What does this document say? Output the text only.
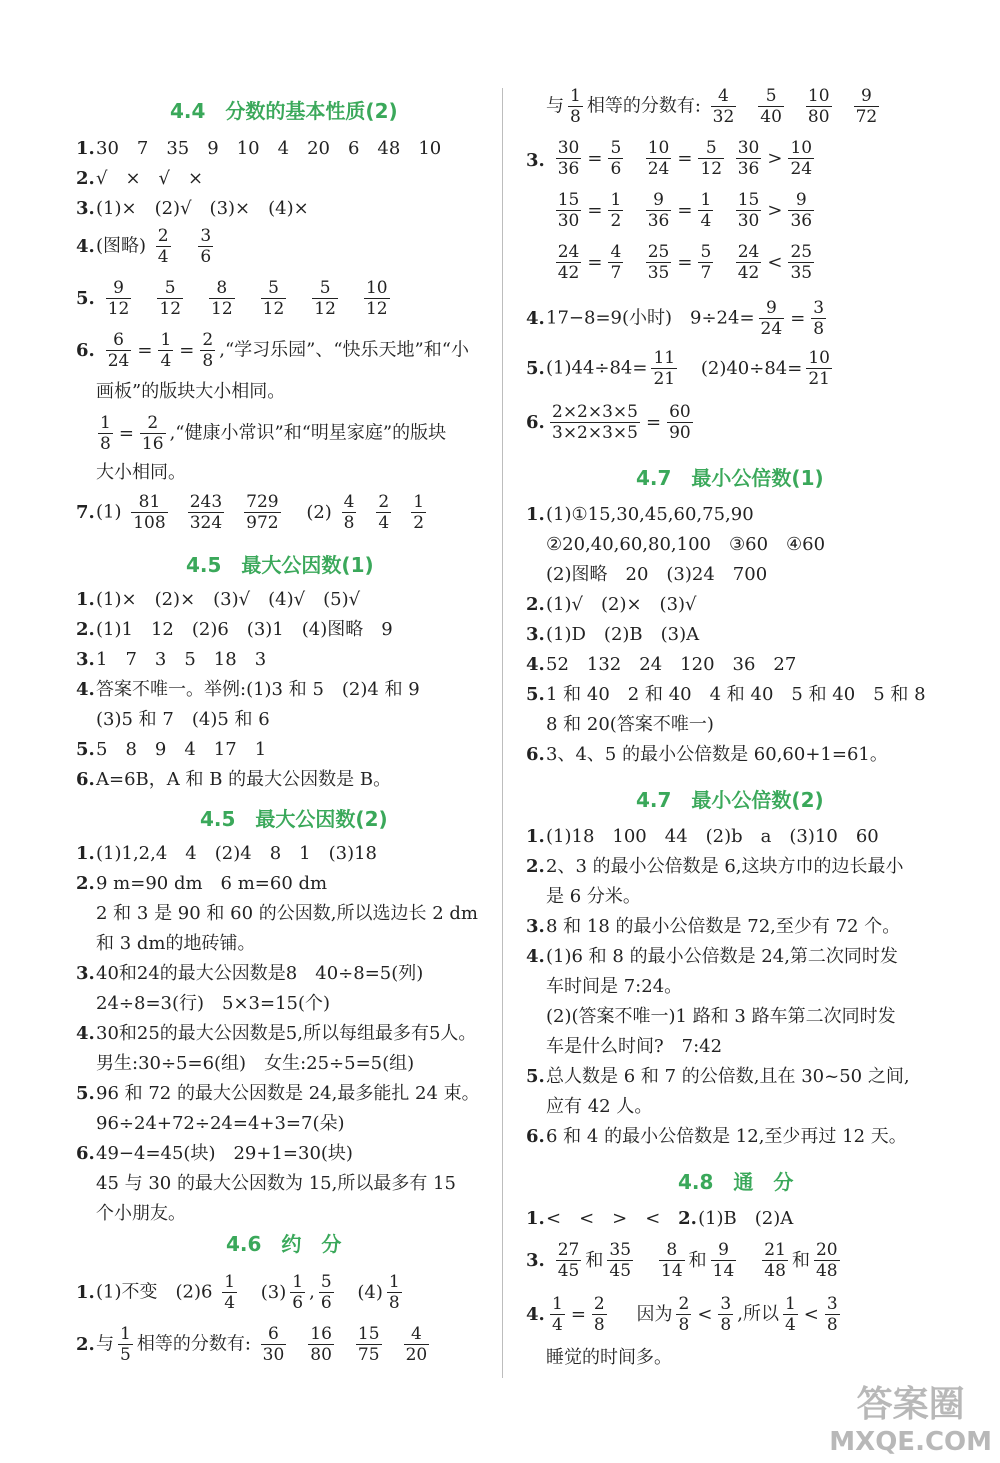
4.4　分数的基本性质(2)
1.30　7　35　9　10　4　20　6　48　10
2.√　×　√　×
3.(1)×　(2)√　(3)×　(4)×
4.(图略) $\frac{2}{4}$
$\frac{3}{6}$
5. $\frac{9}{12} \frac{5}{12} \frac{8}{12} \frac{5}{12} \frac{5}{12} \frac{10}{12}$
6. $\frac{6}{24} = \frac{1}{4} = \frac{2}{8}$ ,“学习乐园”、“快乐天地”和“小
画板”的版块大小相同。
$\frac{1}{8} = \frac{2}{16}$ ,“健康小常识”和“明星家庭”的版块
大小相同。
$7.(1) \frac{81}{108} \frac{243}{324} \frac{729}{972} (2) \frac{4}{8} \frac{2}{4} \frac{1}{2}$
4.5　最大公因数(1)
1.(1)×　(2)×　(3)√　(4)√　(5)√
2.(1)1　12　(2)6　(3)1　(4)图略　9
3.1　7　3　5　18　3
4.答案不唯一。举例:(1)3 和 5　(2)4 和 9
(3)5 和 7　(4)5 和 6
5.5　8　9　4　17　1
6.A=6B，A 和 B 的最大公因数是 B。
4.5　最大公因数(2)
1.(1)1,2,4　4　(2)4　8　1　(3)18
2.9 m=90 dm　6 m=60 dm
2 和 3 是 90 和 60 的公因数,所以选边长 2 dm
和 3 dm的地砖铺。
3.40和24的最大公因数是8　40÷8=5(列)
24÷8=3(行)　5×3=15(个)
4.30和25的最大公因数是5,所以每组最多有5人。
男生:30÷5=6(组)　女生:25÷5=5(组)
5.96 和 72 的最大公因数是 24,最多能扎 24 束。
96÷24+72÷24=4+3=7(朵)
6.49−4=45(块)　29+1=30(块)
45 与 30 的最大公因数为 15,所以最多有 15
个小朋友。
4.6　约　分
1.(1)不变　$(2)6 \frac{1}{4} (3) \frac{1}{6}$ , $\frac{5}{6} (4) \frac{1}{8}$
2.与 $\frac{1}{5}$ 相等的分数有: $\frac{6}{30} \frac{16}{80} \frac{15}{75} \frac{4}{20}$
与 $\frac{1}{8}$ 相等的分数有: $\frac{4}{32} \frac{5}{40} \frac{10}{80} \frac{9}{72}$
3. $\frac{30}{36} = \frac{5}{6} \frac{10}{24} = \frac{5}{12} \frac{30}{36} > \frac{10}{24}$
$\frac{15}{30} = \frac{1}{2} \frac{9}{36} = \frac{1}{4} \frac{15}{30} > \frac{9}{36}$
$\frac{24}{42} = \frac{4}{7} \frac{25}{35} = \frac{5}{7} \frac{24}{42} < \frac{25}{35}$
4.17−8=9(小时)　$9\div 24= \frac{9}{24} = \frac{3}{8}$
$5.(1)44\div 84= \frac{11}{21} (2)40\div 84= \frac{10}{21}$
6. $\frac{2\times 2\times 3\times 5}{3\times 2\times 3\times 5} = \frac{60}{90}$
4.7　最小公倍数(1)
1.(1)①15,30,45,60,75,90
②20,40,60,80,100　③60　④60
(2)图略　20　(3)24　700
2.(1)√　(2)×　(3)√
3.(1)D　(2)B　(3)A
4.52　132　24　120　36　27
5.1 和 40　2 和 40　4 和 40　5 和 40　5 和 8
8 和 20(答案不唯一)
6.3、4、5 的最小公倍数是 60,60+1=61。
4.7　最小公倍数(2)
1.(1)18　100　44　(2)b　a　(3)10　60
2.2、3 的最小公倍数是 6,这块方巾的边长最小
是 6 分米。
3.8 和 18 的最小公倍数是 72,至少有 72 个。
4.(1)6 和 8 的最小公倍数是 24,第二次同时发
车时间是 7:24。
(2)(答案不唯一)1 路和 3 路车第二次同时发
车是什么时间?　7:42
5.总人数是 6 和 7 的公倍数,且在 30~50 之间,
应有 42 人。
6.6 和 4 的最小公倍数是 12,至少再过 12 天。
4.8　通　分
1.<　<　>　< 2.(1)B　(2)A
3. $\frac{27}{45}$ 和 $\frac{35}{45} \frac{8}{14}$ 和 $\frac{9}{14} \frac{21}{48}$ 和 $\frac{20}{48}$
4. $\frac{1}{4} = \frac{2}{8}$ 因为 $\frac{2}{8} < \frac{3}{8}$ ,所以 $\frac{1}{4} < \frac{3}{8}$
睡觉的时间多。
答案圈
MXQE.COM
